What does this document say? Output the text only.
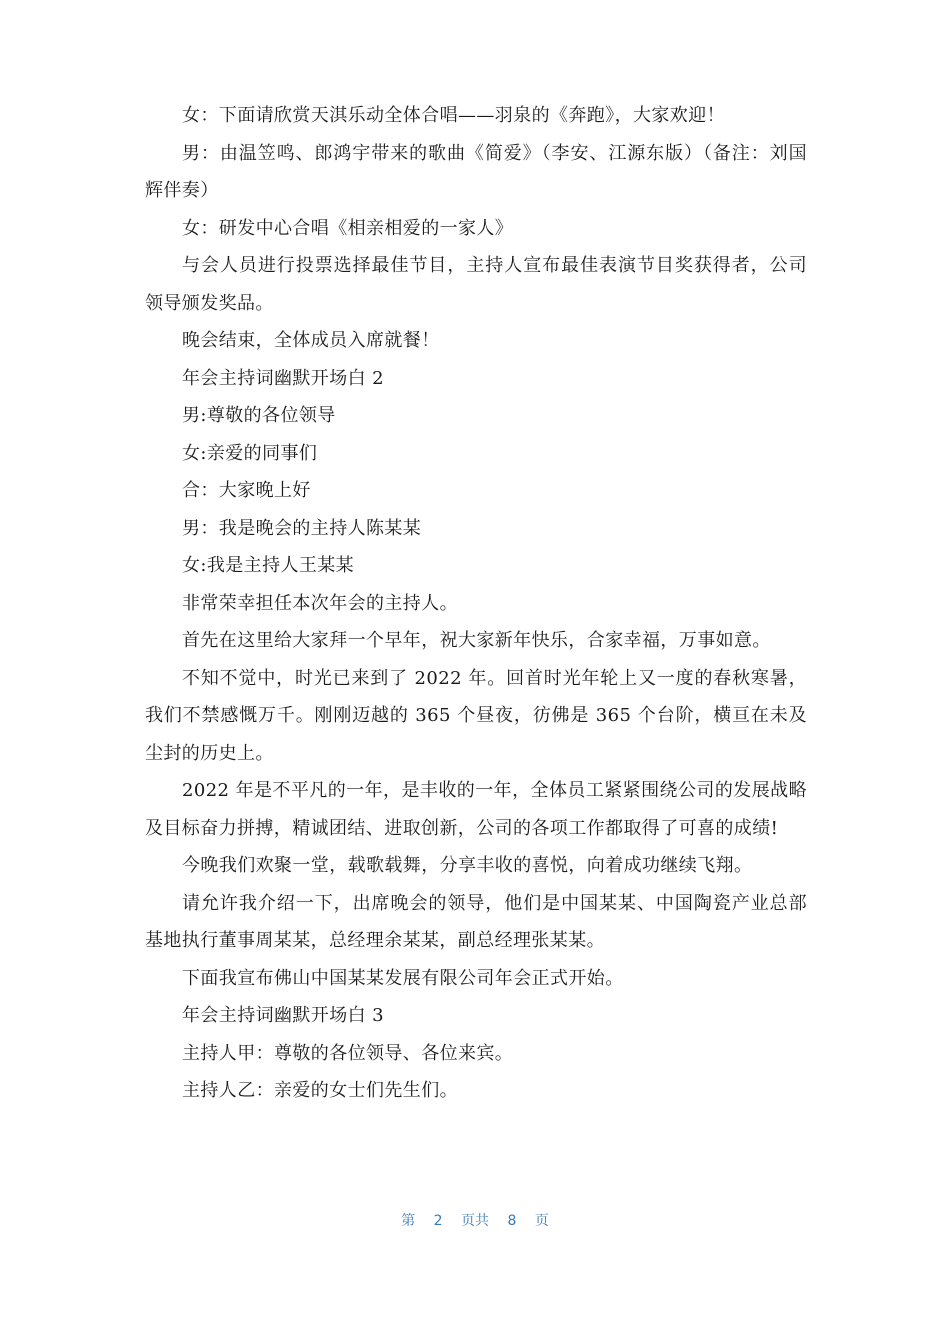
女：下面请欣赏天淇乐动全体合唱——羽泉的《奔跑》，大家欢迎！

男：由温笠鸣、郎鸿宇带来的歌曲《简爱》（李安、江源东版）（备注：刘国辉伴奏）

女：研发中心合唱《相亲相爱的一家人》

与会人员进行投票选择最佳节目，主持人宣布最佳表演节目奖获得者，公司领导颁发奖品。

晚会结束，全体成员入席就餐！

年会主持词幽默开场白 2

男:尊敬的各位领导

女:亲爱的同事们

合：大家晚上好

男：我是晚会的主持人陈某某

女:我是主持人王某某

非常荣幸担任本次年会的主持人。

首先在这里给大家拜一个早年，祝大家新年快乐，合家幸福，万事如意。

不知不觉中，时光已来到了 2022 年。回首时光年轮上又一度的春秋寒暑，我们不禁感慨万千。刚刚迈越的 365 个昼夜，彷佛是 365 个台阶，横亘在未及尘封的历史上。

2022 年是不平凡的一年，是丰收的一年，全体员工紧紧围绕公司的发展战略及目标奋力拼搏，精诚团结、进取创新，公司的各项工作都取得了可喜的成绩!

今晚我们欢聚一堂，载歌载舞，分享丰收的喜悦，向着成功继续飞翔。

请允许我介绍一下，出席晚会的领导，他们是中国某某、中国陶瓷产业总部基地执行董事周某某，总经理余某某，副总经理张某某。

下面我宣布佛山中国某某发展有限公司年会正式开始。

年会主持词幽默开场白 3

主持人甲：尊敬的各位领导、各位来宾。

主持人乙：亲爱的女士们先生们。

第 2 页共 8 页
